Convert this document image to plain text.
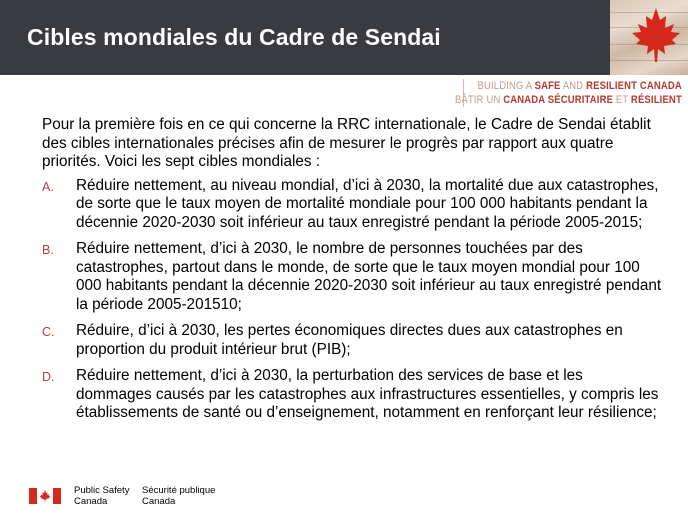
Cibles mondiales du Cadre de Sendai
BUILDING A SAFE AND RESILIENT CANADA
BÂTIR UN CANADA SÉCURITAIRE ET RÉSILIENT

Pour la première fois en ce qui concerne la RRC internationale, le Cadre de Sendai établit des cibles internationales précises afin de mesurer le progrès par rapport aux quatre priorités. Voici les sept cibles mondiales :

A. Réduire nettement, au niveau mondial, d’ici à 2030, la mortalité due aux catastrophes, de sorte que le taux moyen de mortalité mondiale pour 100 000 habitants pendant la décennie 2020-2030 soit inférieur au taux enregistré pendant la période 2005-2015;
B. Réduire nettement, d’ici à 2030, le nombre de personnes touchées par des catastrophes, partout dans le monde, de sorte que le taux moyen mondial pour 100 000 habitants pendant la décennie 2020-2030 soit inférieur au taux enregistré pendant la période 2005-201510;
C. Réduire, d’ici à 2030, les pertes économiques directes dues aux catastrophes en proportion du produit intérieur brut (PIB);
D. Réduire nettement, d’ici à 2030, la perturbation des services de base et les dommages causés par les catastrophes aux infrastructures essentielles, y compris les établissements de santé ou d’enseignement, notamment en renforçant leur résilience;
Public Safety
Canada
Sécurité publique
Canada
